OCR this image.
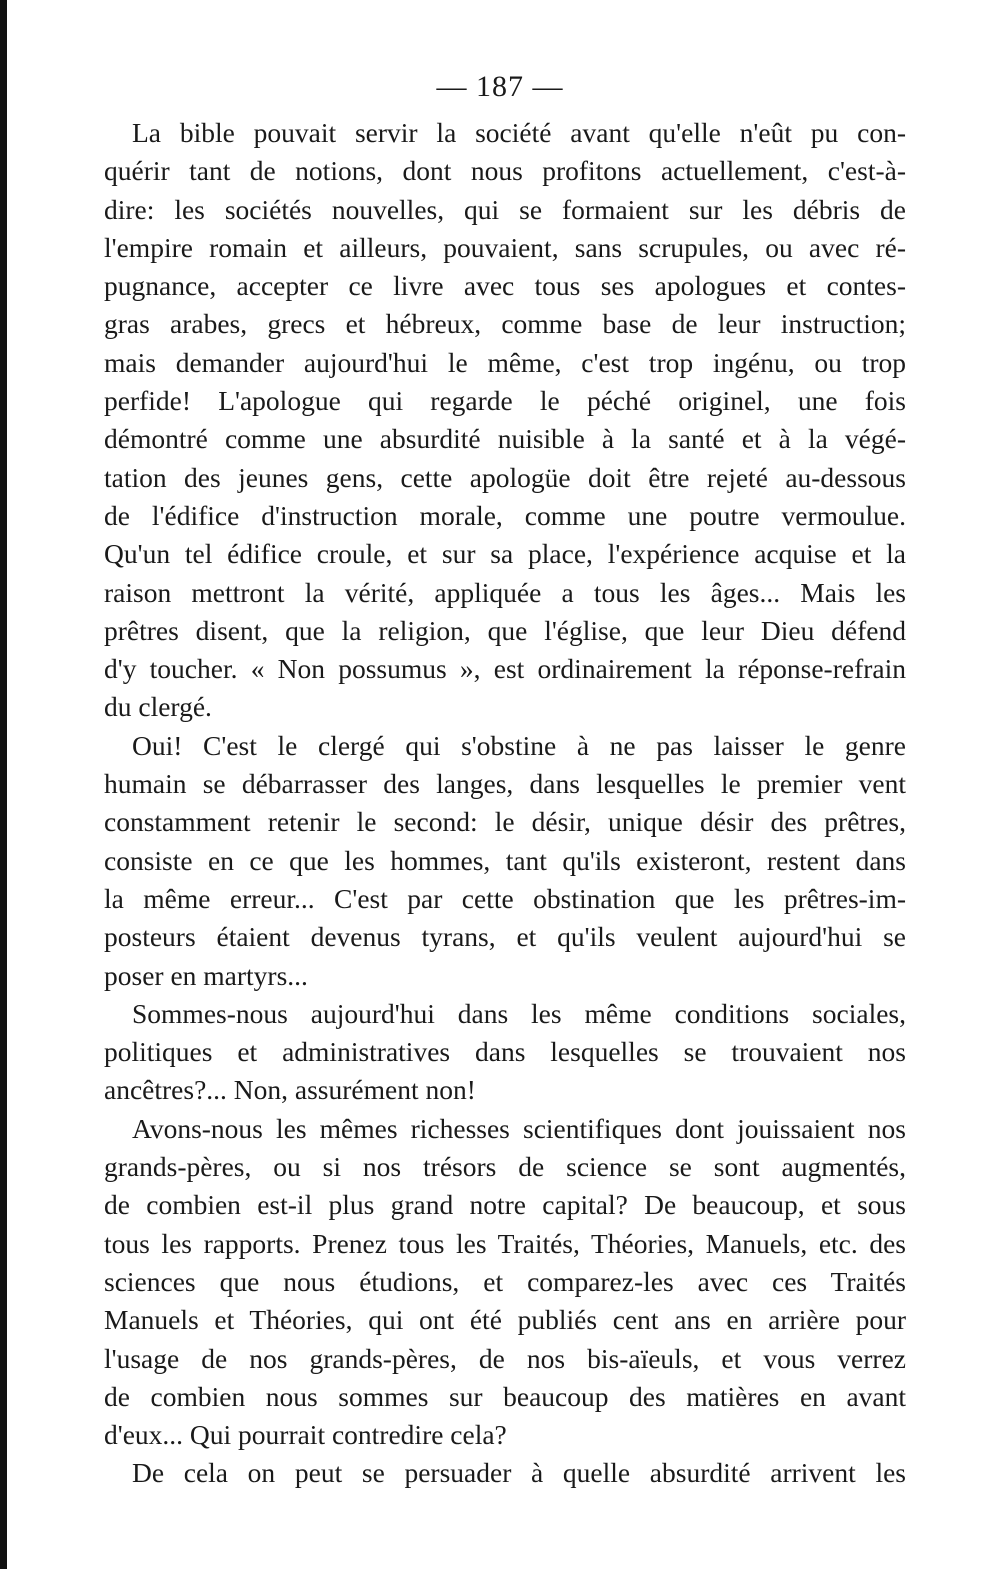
— 187 —
La bible pouvait servir la société avant qu'elle n'eût pu con-
quérir tant de notions, dont nous profitons actuellement, c'est-à-
dire: les sociétés nouvelles, qui se formaient sur les débris de
l'empire romain et ailleurs, pouvaient, sans scrupules, ou avec ré-
pugnance, accepter ce livre avec tous ses apologues et contes-
gras arabes, grecs et hébreux, comme base de leur instruction;
mais demander aujourd'hui le même, c'est trop ingénu, ou trop
perfide! L'apologue qui regarde le péché originel, une fois
démontré comme une absurdité nuisible à la santé et à la végé-
tation des jeunes gens, cette apologüe doit être rejeté au-dessous
de l'édifice d'instruction morale, comme une poutre vermoulue.
Qu'un tel édifice croule, et sur sa place, l'expérience acquise et la
raison mettront la vérité, appliquée a tous les âges... Mais les
prêtres disent, que la religion, que l'église, que leur Dieu défend
d'y toucher. « Non possumus », est ordinairement la réponse-refrain
du clergé.
Oui! C'est le clergé qui s'obstine à ne pas laisser le genre
humain se débarrasser des langes, dans lesquelles le premier vent
constamment retenir le second: le désir, unique désir des prêtres,
consiste en ce que les hommes, tant qu'ils existeront, restent dans
la même erreur... C'est par cette obstination que les prêtres-im-
posteurs étaient devenus tyrans, et qu'ils veulent aujourd'hui se
poser en martyrs...
Sommes-nous aujourd'hui dans les même conditions sociales,
politiques et administratives dans lesquelles se trouvaient nos
ancêtres?... Non, assurément non!
Avons-nous les mêmes richesses scientifiques dont jouissaient nos
grands-pères, ou si nos trésors de science se sont augmentés,
de combien est-il plus grand notre capital? De beaucoup, et sous
tous les rapports. Prenez tous les Traités, Théories, Manuels, etc. des
sciences que nous étudions, et comparez-les avec ces Traités
Manuels et Théories, qui ont été publiés cent ans en arrière pour
l'usage de nos grands-pères, de nos bis-aïeuls, et vous verrez
de combien nous sommes sur beaucoup des matières en avant
d'eux... Qui pourrait contredire cela?
De cela on peut se persuader à quelle absurdité arrivent les
